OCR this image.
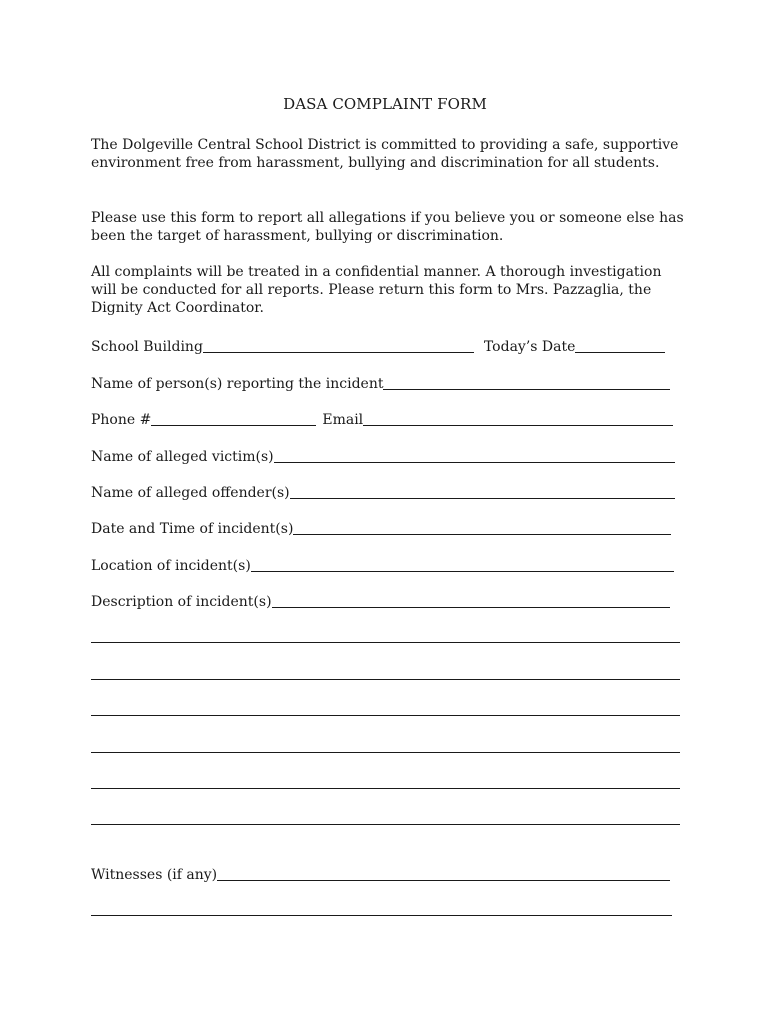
DASA COMPLAINT FORM

The Dolgeville Central School District is committed to providing a safe, supportive environment free from harassment, bullying and discrimination for all students.

Please use this form to report all allegations if you believe you or someone else has been the target of harassment, bullying or discrimination.

All complaints will be treated in a confidential manner. A thorough investigation will be conducted for all reports. Please return this form to Mrs. Pazzaglia, the Dignity Act Coordinator.

School Building	Today’s Date
Name of person(s) reporting the incident
Phone #	Email
Name of alleged victim(s)
Name of alleged offender(s)
Date and Time of incident(s)
Location of incident(s)
Description of incident(s)
Witnesses (if any)
